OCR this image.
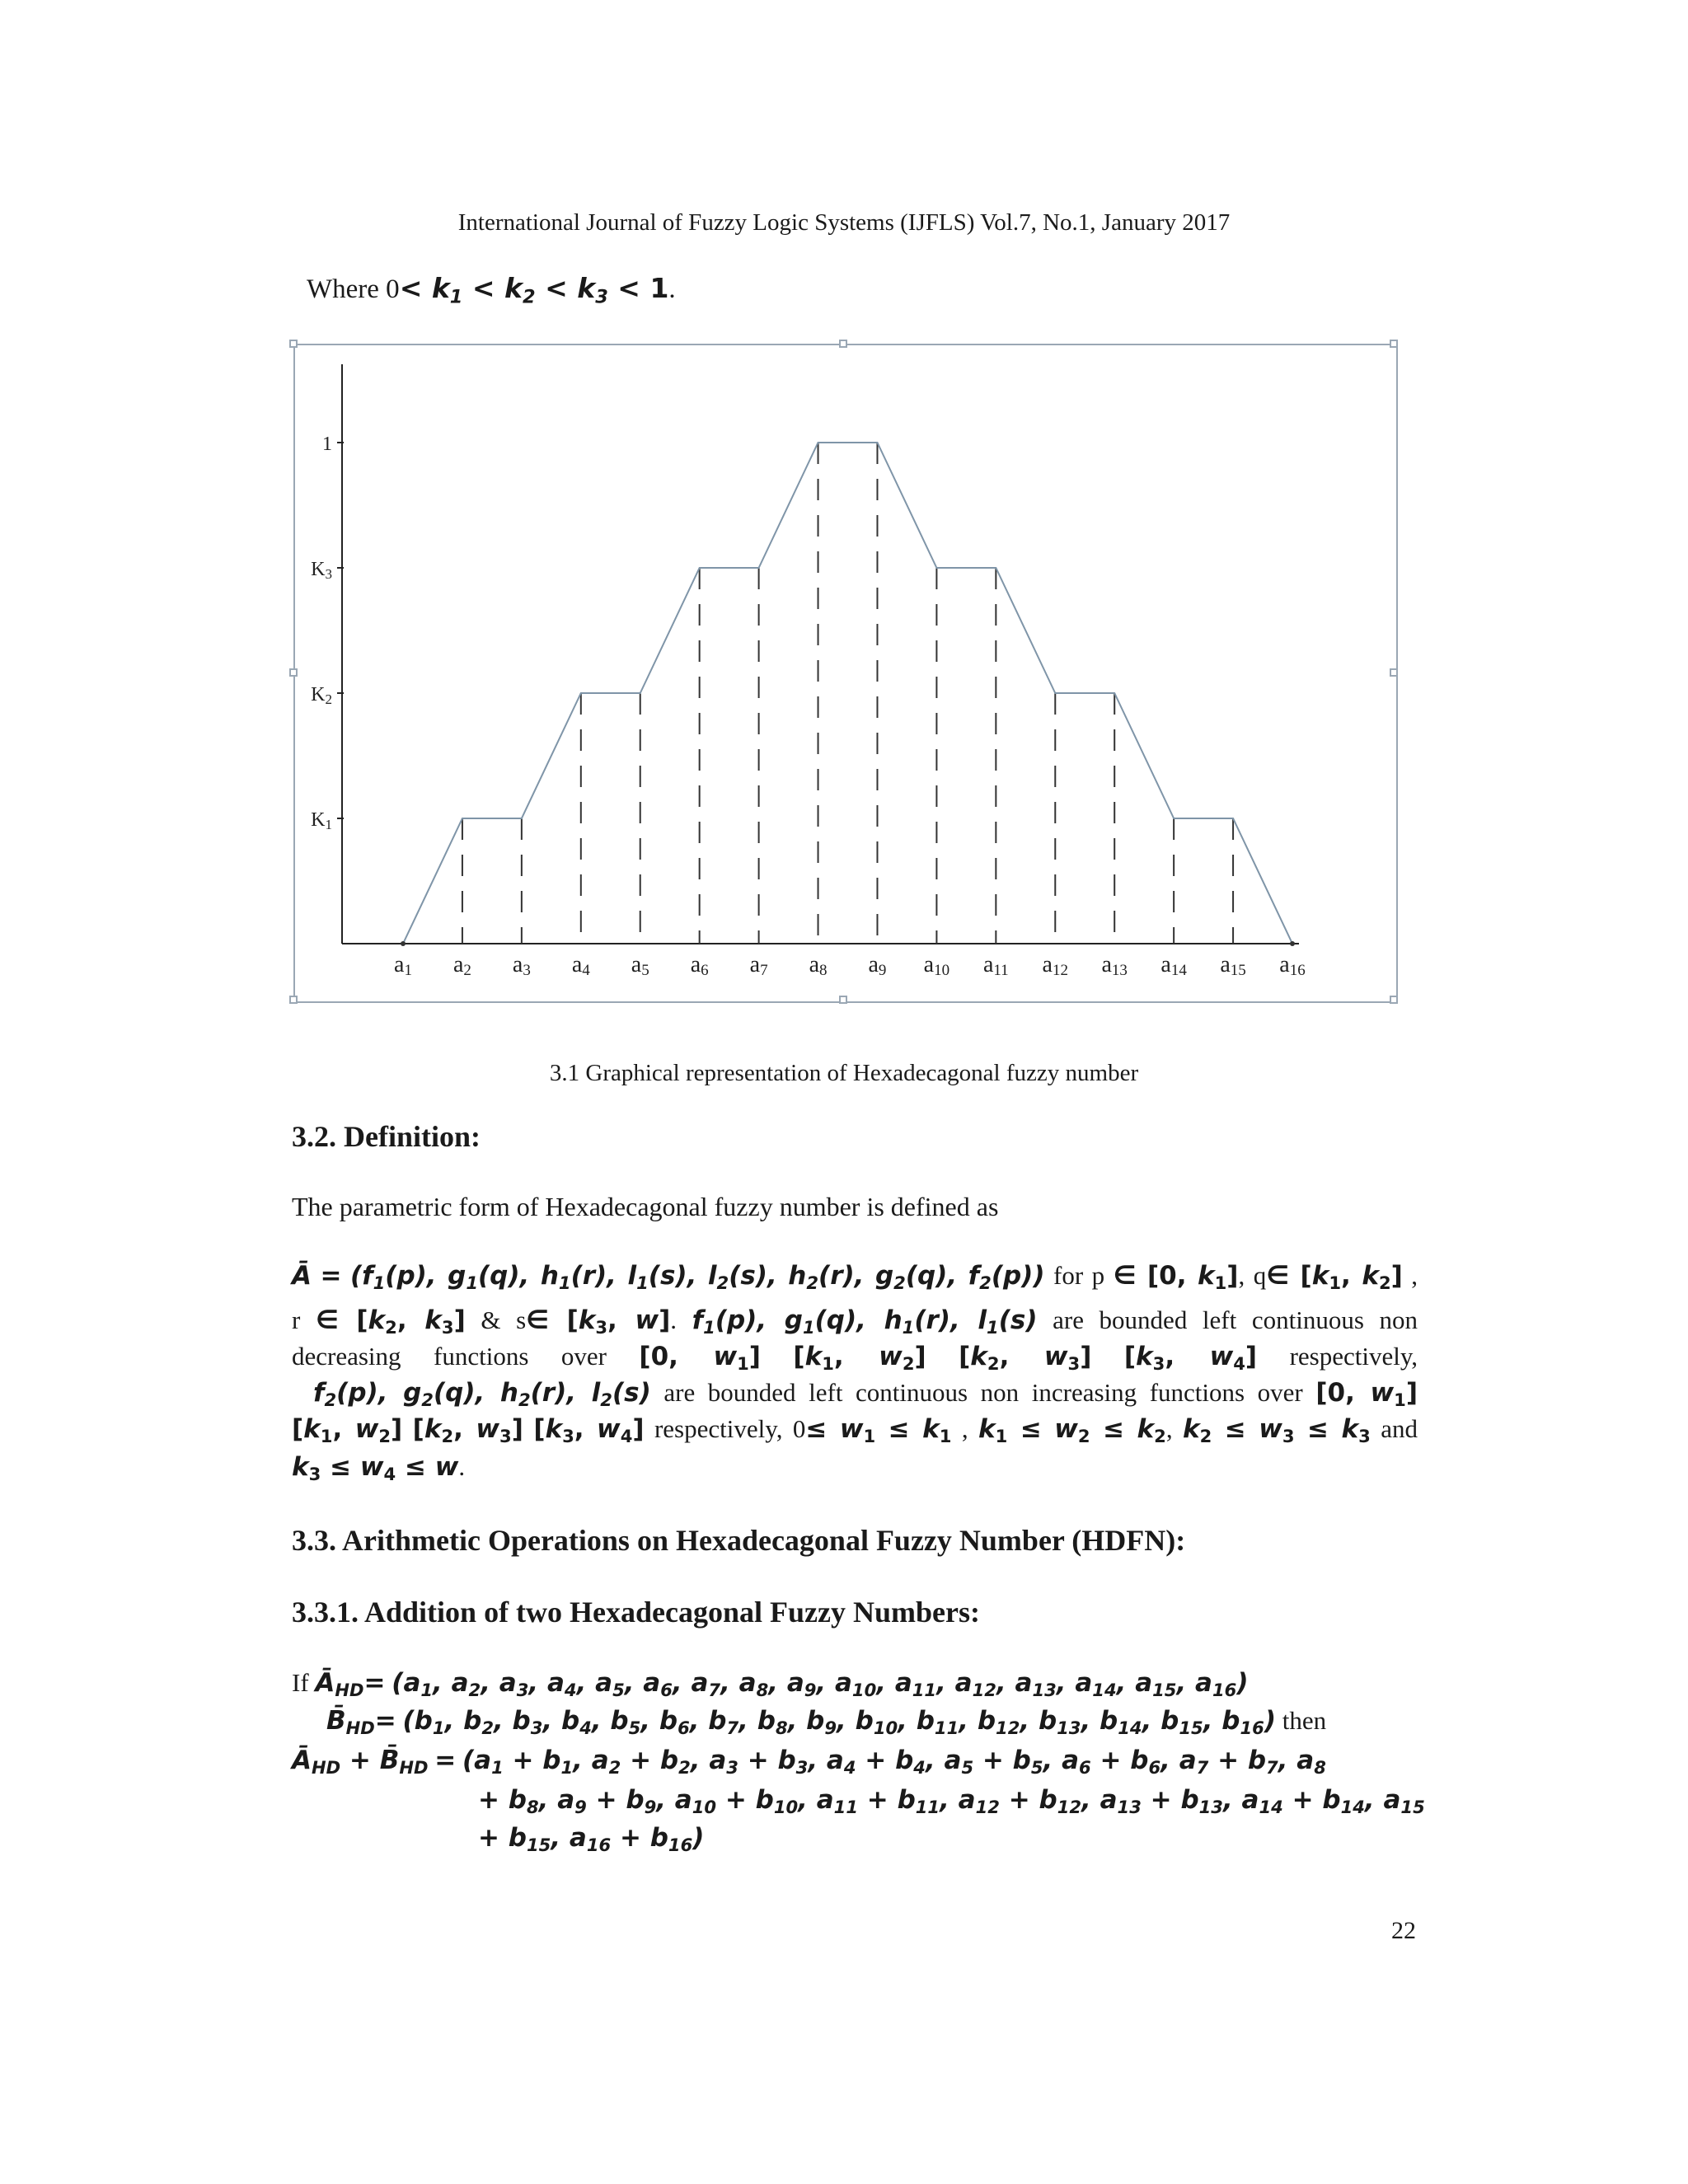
International Journal of Fuzzy Logic Systems (IJFLS) Vol.7, No.1, January 2017
Where $0< k_1 < k_2 < k_3 < 1$.
K1
K2
K3
1
a1 a2 a3 a4 a5 a6 a7 a8 a9 a10 a11 a12 a13 a14 a15 a16
3.1 Graphical representation of Hexadecagonal fuzzy number
3.2. Definition:
The parametric form of Hexadecagonal fuzzy number is defined as
Ā = ($f_1(p)$, $g_1(q)$, $h_1(r)$, $l_1(s)$, $l_2(s)$, $h_2(r)$, $g_2(q)$, $f_2(p)$) for p ∈ [0, $k_1$], q∈ [$k_1$, $k_2$] ,
r ∈ [$k_2$, $k_3$] & s∈ [$k_3$, w]. $f_1(p)$, $g_1(q)$, $h_1(r)$, $l_1(s)$ are bounded left continuous non
decreasing functions over [0, $w_1$] [$k_1$, $w_2$] [$k_2$, $w_3$] [$k_3$, $w_4$] respectively,
$f_2(p)$, $g_2(q)$, $h_2(r)$, $l_2(s)$ are bounded left continuous non increasing functions over [0, $w_1$]
[$k_1$, $w_2$] [$k_2$, $w_3$] [$k_3$, $w_4$] respectively, $0\le w_1 \le k_1$ , $k_1 \le w_2 \le k_2$, $k_2 \le w_3 \le k_3$ and
$k_3 \le w_4 \le w$.
3.3. Arithmetic Operations on Hexadecagonal Fuzzy Number (HDFN):
3.3.1. Addition of two Hexadecagonal Fuzzy Numbers:
If $Ā_{HD}= (a_1$, $a_2$, $a_3$, $a_4$, $a_5$, $a_6$, $a_7$, $a_8$, $a_9$, $a_{10}$, $a_{11}$, $a_{12}$, $a_{13}$, $a_{14}$, $a_{15}$, $a_{16}$)
$B̄_{HD}= (b_1$, $b_2$, $b_3$, $b_4$, $b_5$, $b_6$, $b_7$, $b_8$, $b_9$, $b_{10}$, $b_{11}$, $b_{12}$, $b_{13}$, $b_{14}$, $b_{15}$, $b_{16}$) then
$Ā_{HD}$ + $B̄_{HD} = (a_1 + b_1$, $a_2 + b_2$, $a_3 + b_3$, $a_4 + b_4$, $a_5 + b_5$, $a_6 + b_6$, $a_7 + b_7$, $a_8$
+ $b_8$, $a_9 + b_9$, $a_{10} + b_{10}$, $a_{11} + b_{11}$, $a_{12} + b_{12}$, $a_{13} + b_{13}$, $a_{14} + b_{14}$, $a_{15}$
+ $b_{15}$, $a_{16} + b_{16}$)
22
